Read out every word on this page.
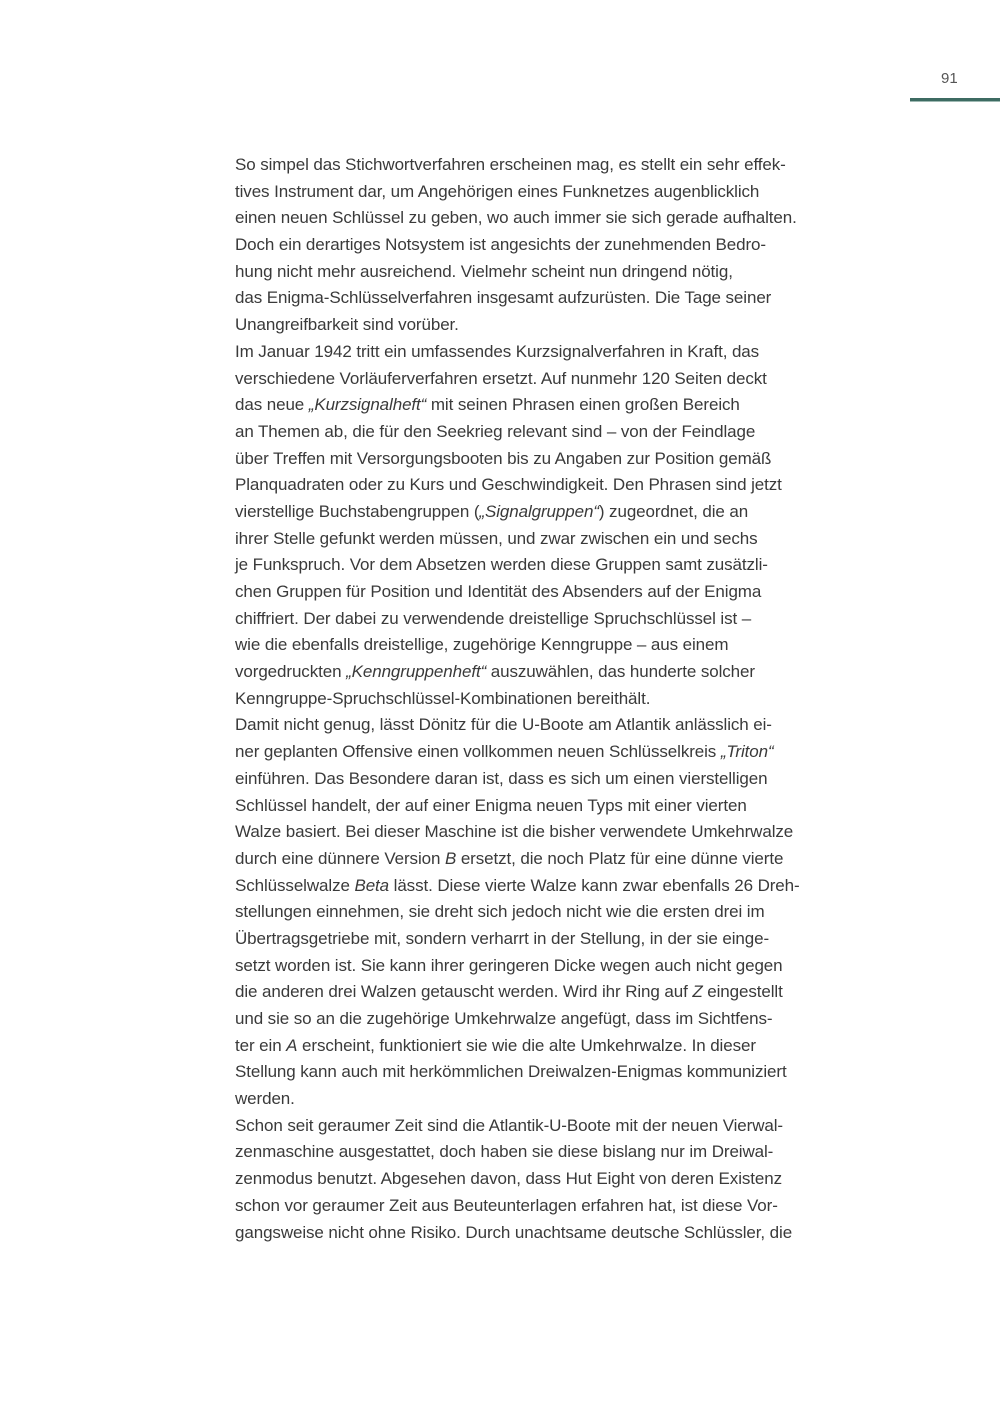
91
So simpel das Stichwortverfahren erscheinen mag, es stellt ein sehr effek-
tives Instrument dar, um Angehörigen eines Funknetzes augenblicklich
einen neuen Schlüssel zu geben, wo auch immer sie sich gerade aufhalten.
Doch ein derartiges Notsystem ist angesichts der zunehmenden Bedro-
hung nicht mehr ausreichend. Vielmehr scheint nun dringend nötig,
das Enigma-Schlüsselverfahren insgesamt aufzurüsten. Die Tage seiner
Unangreifbarkeit sind vorüber.
Im Januar 1942 tritt ein umfassendes Kurzsignalverfahren in Kraft, das
verschiedene Vorläuferverfahren ersetzt. Auf nunmehr 120 Seiten deckt
das neue „Kurzsignalheft“ mit seinen Phrasen einen großen Bereich
an Themen ab, die für den Seekrieg relevant sind – von der Feindlage
über Treffen mit Versorgungsbooten bis zu Angaben zur Position gemäß
Planquadraten oder zu Kurs und Geschwindigkeit. Den Phrasen sind jetzt
vierstellige Buchstabengruppen („Signalgruppen“) zugeordnet, die an
ihrer Stelle gefunkt werden müssen, und zwar zwischen ein und sechs
je Funkspruch. Vor dem Absetzen werden diese Gruppen samt zusätzli-
chen Gruppen für Position und Identität des Absenders auf der Enigma
chiffriert. Der dabei zu verwendende dreistellige Spruchschlüssel ist –
wie die ebenfalls dreistellige, zugehörige Kenngruppe – aus einem
vorgedruckten „Kenngruppenheft“ auszuwählen, das hunderte solcher
Kenngruppe-Spruchschlüssel-Kombinationen bereithält.
Damit nicht genug, lässt Dönitz für die U-Boote am Atlantik anlässlich ei-
ner geplanten Offensive einen vollkommen neuen Schlüsselkreis „Triton“
einführen. Das Besondere daran ist, dass es sich um einen vierstelligen
Schlüssel handelt, der auf einer Enigma neuen Typs mit einer vierten
Walze basiert. Bei dieser Maschine ist die bisher verwendete Umkehrwalze
durch eine dünnere Version B ersetzt, die noch Platz für eine dünne vierte
Schlüsselwalze Beta lässt. Diese vierte Walze kann zwar ebenfalls 26 Dreh-
stellungen einnehmen, sie dreht sich jedoch nicht wie die ersten drei im
Übertragsgetriebe mit, sondern verharrt in der Stellung, in der sie einge-
setzt worden ist. Sie kann ihrer geringeren Dicke wegen auch nicht gegen
die anderen drei Walzen getauscht werden. Wird ihr Ring auf Z eingestellt
und sie so an die zugehörige Umkehrwalze angefügt, dass im Sichtfens-
ter ein A erscheint, funktioniert sie wie die alte Umkehrwalze. In dieser
Stellung kann auch mit herkömmlichen Dreiwalzen-Enigmas kommuniziert
werden.
Schon seit geraumer Zeit sind die Atlantik-U-Boote mit der neuen Vierwal-
zenmaschine ausgestattet, doch haben sie diese bislang nur im Dreiwal-
zenmodus benutzt. Abgesehen davon, dass Hut Eight von deren Existenz
schon vor geraumer Zeit aus Beuteunterlagen erfahren hat, ist diese Vor-
gangsweise nicht ohne Risiko. Durch unachtsame deutsche Schlüssler, die
